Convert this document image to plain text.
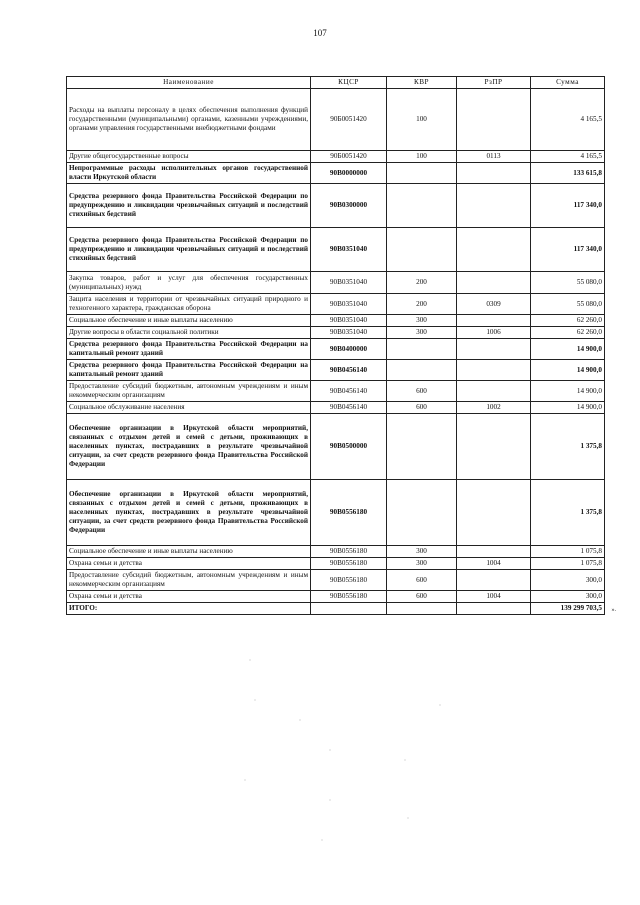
107
Наименование	КЦСР	КВР	РзПР	Сумма
Расходы на выплаты персоналу в целях обеспечения выполнения функций государственными (муниципальными) органами, казенными учреждениями, органами управления государственными внебюджетными фондами	90Б0051420	100		4 165,5
Другие общегосударственные вопросы	90Б0051420	100	0113	4 165,5
Непрограммные расходы исполнительных органов государственной власти Иркутской области	90В0000000			133 615,8
Средства резервного фонда Правительства Российской Федерации по предупреждению и ликвидации чрезвычайных ситуаций и последствий стихийных бедствий	90В0300000			117 340,0
Средства резервного фонда Правительства Российской Федерации по предупреждению и ликвидации чрезвычайных ситуаций и последствий стихийных бедствий	90В0351040			117 340,0
Закупка товаров, работ и услуг для обеспечения государственных (муниципальных) нужд	90В0351040	200		55 080,0
Защита населения и территории от чрезвычайных ситуаций природного и техногенного характера, гражданская оборона	90В0351040	200	0309	55 080,0
Социальное обеспечение и иные выплаты населению	90В0351040	300		62 260,0
Другие вопросы в области социальной политики	90В0351040	300	1006	62 260,0
Средства резервного фонда Правительства Российской Федерации на капитальный ремонт зданий	90В0400000			14 900,0
Средства резервного фонда Правительства Российской Федерации на капитальный ремонт зданий	90В0456140			14 900,0
Предоставление субсидий бюджетным, автономным учреждениям и иным некоммерческим организациям	90В0456140	600		14 900,0
Социальное обслуживание населения	90В0456140	600	1002	14 900,0
Обеспечение организации в Иркутской области мероприятий, связанных с отдыхом детей и семей с детьми, проживающих в населенных пунктах, пострадавших в результате чрезвычайной ситуации, за счет средств резервного фонда Правительства Российской Федерации	90В0500000			1 375,8
Обеспечение организации в Иркутской области мероприятий, связанных с отдыхом детей и семей с детьми, проживающих в населенных пунктах, пострадавших в результате чрезвычайной ситуации, за счет средств резервного фонда Правительства Российской Федерации	90В0556180			1 375,8
Социальное обеспечение и иные выплаты населению	90В0556180	300		1 075,8
Охрана семьи и детства	90В0556180	300	1004	1 075,8
Предоставление субсидий бюджетным, автономным учреждениям и иным некоммерческим организациям	90В0556180	600		300,0
Охрана семьи и детства	90В0556180	600	1004	300,0
ИТОГО:				139 299 703,5 ».
